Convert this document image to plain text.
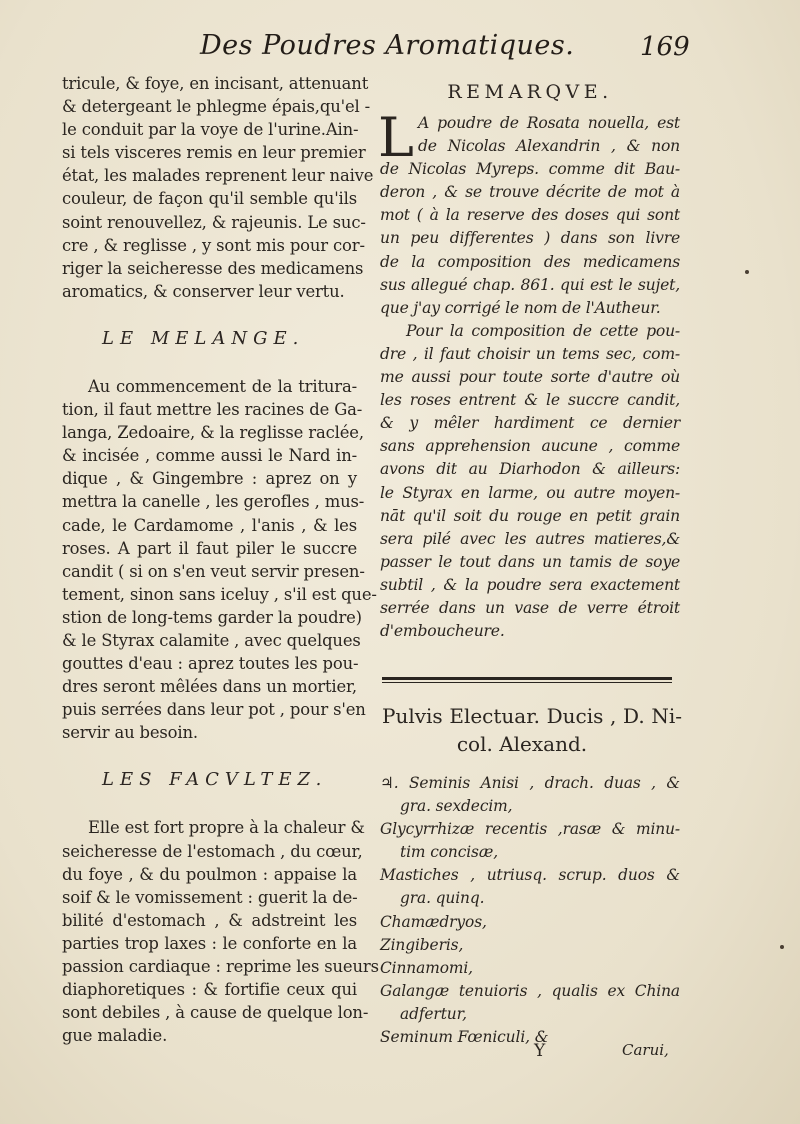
Des Poudres Aromatiques.	169
tricule, & foye, en incisant, attenuant
& detergeant le phlegme épais,qu'el -
le conduit par la voye de l'urine.Ain-
si tels visceres remis en leur premier
état, les malades reprenent leur naive
couleur, de façon qu'il semble qu'ils
soint renouvellez, & rajeunis. Le suc-
cre , & reglisse , y sont mis pour cor-
riger la seicheresse des medicamens
aromatics, & conserver leur vertu.
LE MELANGE.
Au commencement de la tritura-
tion, il faut mettre les racines de Ga-
langa, Zedoaire, & la reglisse raclée,
& incisée , comme aussi le Nard in-
dique , & Gingembre : aprez on y
mettra la canelle , les gerofles , mus-
cade, le Cardamome , l'anis , & les
roses. A part il faut piler le succre
candit ( si on s'en veut servir presen-
tement, sinon sans iceluy , s'il est que-
stion de long-tems garder la poudre)
& le Styrax calamite , avec quelques
gouttes d'eau : aprez toutes les pou-
dres seront mêlées dans un mortier,
puis serrées dans leur pot , pour s'en
servir au besoin.
LES FACVLTEZ.
Elle est fort propre à la chaleur &
seicheresse de l'estomach , du cœur,
du foye , & du poulmon : appaise la
soif & le vomissement : guerit la de-
bilité d'estomach , & adstreint les
parties trop laxes : le conforte en la
passion cardiaque : reprime les sueurs
diaphoretiques : & fortifie ceux qui
sont debiles , à cause de quelque lon-
gue maladie.
REMARQVE.
L A poudre de Rosata nouella, est
de Nicolas Alexandrin , & non
de Nicolas Myreps. comme dit Bau-
deron , & se trouve décrite de mot à
mot ( à la reserve des doses qui sont
un peu differentes ) dans son livre
de la composition des medicamens
sus allegué chap. 861. qui est le sujet,
que j'ay corrigé le nom de l'Autheur.
Pour la composition de cette pou-
dre , il faut choisir un tems sec, com-
me aussi pour toute sorte d'autre où
les roses entrent & le succre candit,
& y mêler hardiment ce dernier
sans apprehension aucune , comme
avons dit au Diarhodon & ailleurs:
le Styrax en larme, ou autre moyen-
nāt qu'il soit du rouge en petit grain
sera pilé avec les autres matieres,&
passer le tout dans un tamis de soye
subtil , & la poudre sera exactement
serrée dans un vase de verre étroit
d'emboucheure.
Pulvis Electuar. Ducis , D. Ni-
col. Alexand.
♃. Seminis Anisi , drach. duas , &
gra. sexdecim,
Glycyrrhizæ recentis ,rasæ & minu-
tim concisæ,
Mastiches , utriusq. scrup. duos &
gra. quinq.
Chamædryos,
Zingiberis,
Cinnamomi,
Galangæ tenuioris , qualis ex China
adfertur,
Seminum Fœniculi, &
Y	Carui,
